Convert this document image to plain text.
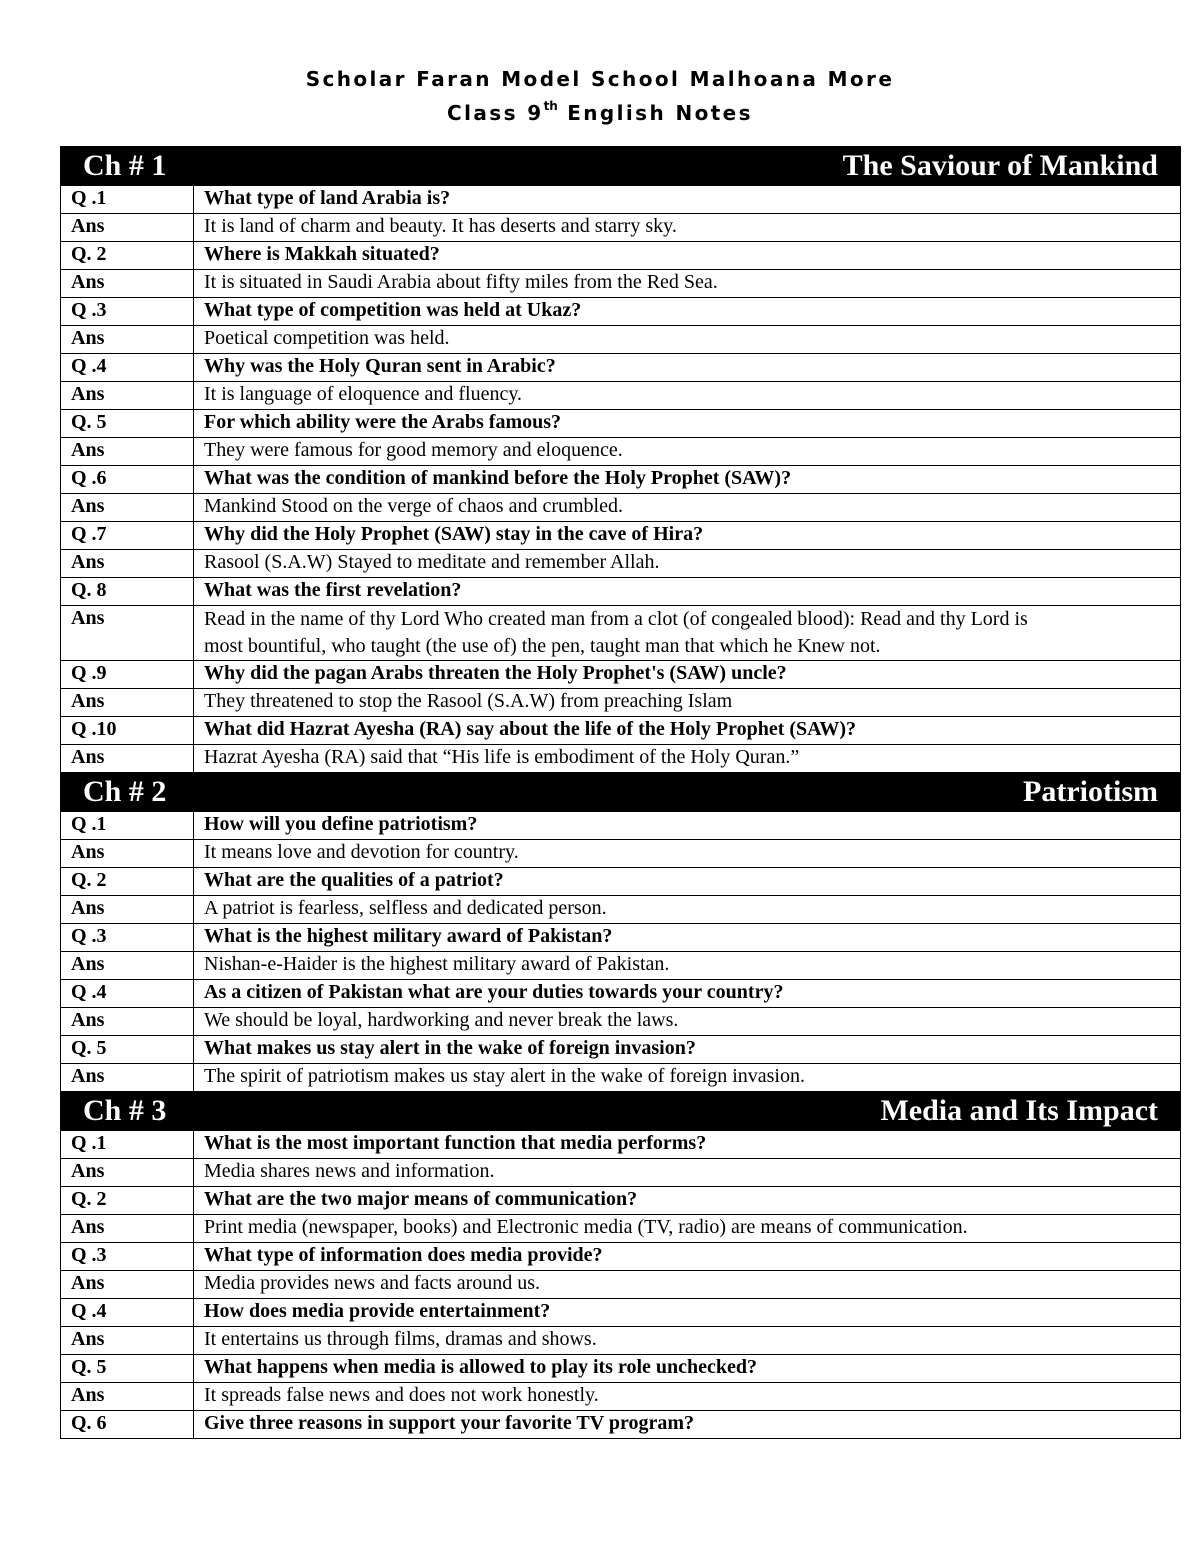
Scholar Faran Model School Malhoana More
Class 9th English Notes
Ch # 1	The Saviour of Mankind
Q .1	What type of land Arabia is?
Ans	It is land of charm and beauty. It has deserts and starry sky.
Q. 2	Where is Makkah situated?
Ans	It is situated in Saudi Arabia about fifty miles from the Red Sea.
Q .3	What type of competition was held at Ukaz?
Ans	Poetical competition was held.
Q .4	Why was the Holy Quran sent in Arabic?
Ans	It is language of eloquence and fluency.
Q. 5	For which ability were the Arabs famous?
Ans	They were famous for good memory and eloquence.
Q .6	What was the condition of mankind before the Holy Prophet (SAW)?
Ans	Mankind Stood on the verge of chaos and crumbled.
Q .7	Why did the Holy Prophet (SAW) stay in the cave of Hira?
Ans	Rasool (S.A.W) Stayed to meditate and remember Allah.
Q. 8	What was the first revelation?
Ans	Read in the name of thy Lord Who created man from a clot (of congealed blood): Read and thy Lord is most bountiful, who taught (the use of) the pen, taught man that which he Knew not.
Q .9	Why did the pagan Arabs threaten the Holy Prophet's (SAW) uncle?
Ans	They threatened to stop the Rasool (S.A.W) from preaching Islam
Q .10	What did Hazrat Ayesha (RA) say about the life of the Holy Prophet (SAW)?
Ans	Hazrat Ayesha (RA) said that “His life is embodiment of the Holy Quran.”
Ch # 2	Patriotism
Q .1	How will you define patriotism?
Ans	It means love and devotion for country.
Q. 2	What are the qualities of a patriot?
Ans	A patriot is fearless, selfless and dedicated person.
Q .3	What is the highest military award of Pakistan?
Ans	Nishan-e-Haider is the highest military award of Pakistan.
Q .4	As a citizen of Pakistan what are your duties towards your country?
Ans	We should be loyal, hardworking and never break the laws.
Q. 5	What makes us stay alert in the wake of foreign invasion?
Ans	The spirit of patriotism makes us stay alert in the wake of foreign invasion.
Ch # 3	Media and Its Impact
Q .1	What is the most important function that media performs?
Ans	Media shares news and information.
Q. 2	What are the two major means of communication?
Ans	Print media (newspaper, books) and Electronic media (TV, radio) are means of communication.
Q .3	What type of information does media provide?
Ans	Media provides news and facts around us.
Q .4	How does media provide entertainment?
Ans	It entertains us through films, dramas and shows.
Q. 5	What happens when media is allowed to play its role unchecked?
Ans	It spreads false news and does not work honestly.
Q. 6	Give three reasons in support your favorite TV program?
